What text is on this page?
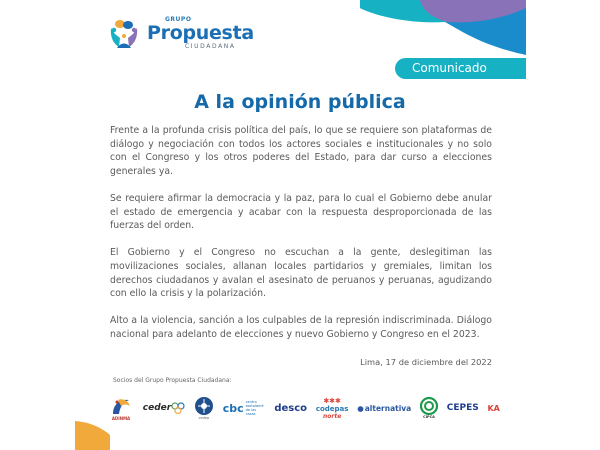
GRUPO
Propuesta
CIUDADANA
Comunicado
A la opinión pública

Frente a la profunda crisis política del país, lo que se requiere son plataformas de diálogo y negociación con todos los actores sociales e institucionales y no solo con el Congreso y los otros poderes del Estado, para dar curso a elecciones generales ya.

Se requiere afirmar la democracia y la paz, para lo cual el Gobierno debe anular el estado de emergencia y acabar con la respuesta desproporcionada de las fuerzas del orden.

El Gobierno y el Congreso no escuchan a la gente, deslegitiman las movilizaciones sociales, allanan locales partidarios y gremiales, limitan los derechos ciudadanos y avalan el asesinato de peruanos y peruanas, agudizando con ello la crisis y la polarización.

Alto a la violencia, sanción a los culpables de la represión indiscriminada. Diálogo nacional para adelanto de elecciones y nuevo Gobierno y Congreso en el 2023.

Lima, 17 de diciembre del 2022
Socios del Grupo Propuesta Ciudadana:
ADINMA
ceder
cedep
cbc centro bartolomé de las casas
desco
✱✱✱
codepas
norte
● alternativa
CIPCA
CEPES KA
